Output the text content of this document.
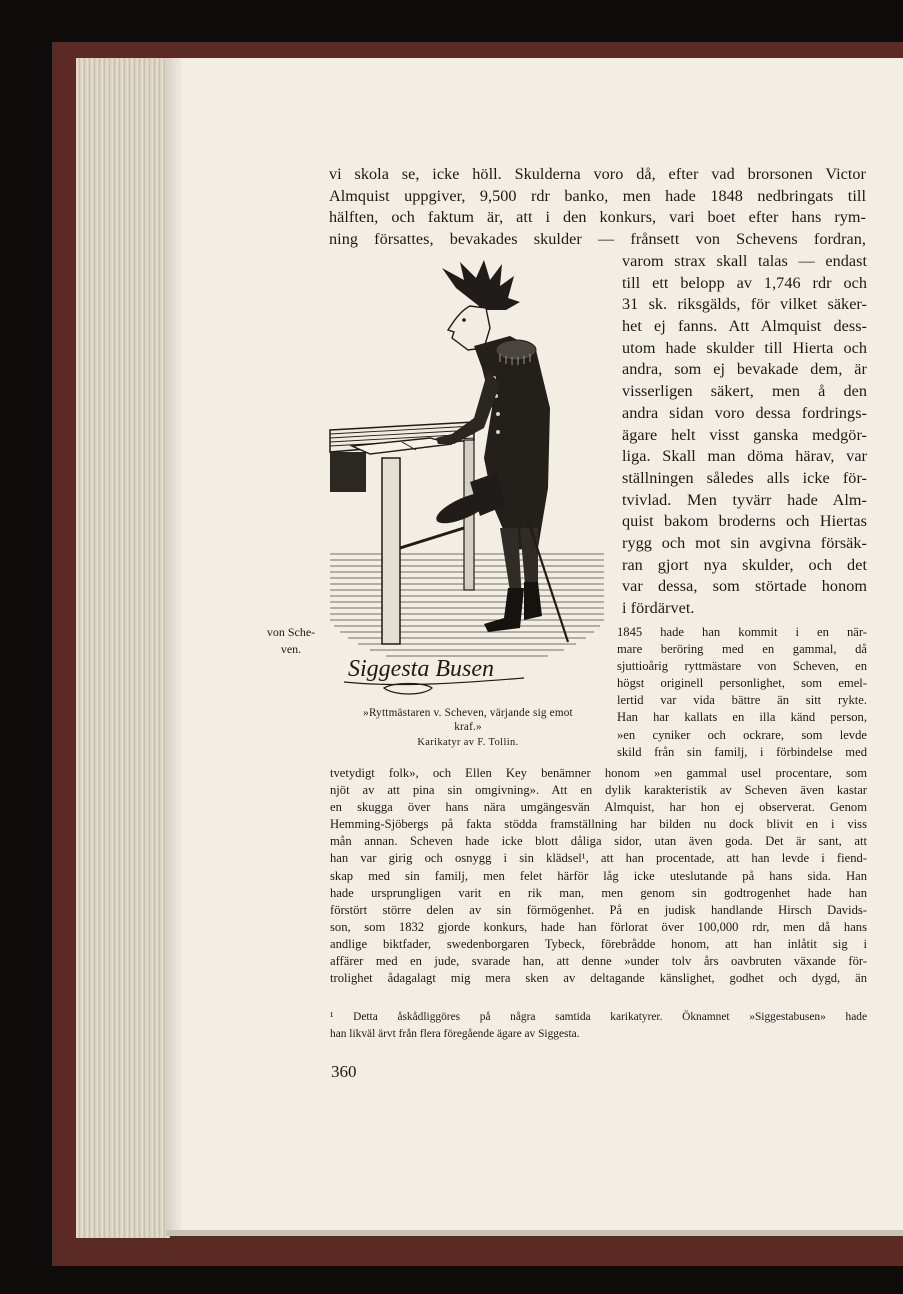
vi skola se, icke höll. Skulderna voro då, efter vad brorsonen Victor
Almquist uppgiver, 9,500 rdr banko, men hade 1848 nedbringats till
hälften, och faktum är, att i den konkurs, vari boet efter hans rym-
ning försattes, bevakades skulder — frånsett von Schevens fordran,
varom strax skall talas — endast
till ett belopp av 1,746 rdr och
31 sk. riksgälds, för vilket säker-
het ej fanns. Att Almquist dess-
utom hade skulder till Hierta och
andra, som ej bevakade dem, är
visserligen säkert, men å den
andra sidan voro dessa fordrings-
ägare helt visst ganska medgör-
liga. Skall man döma härav, var
ställningen således alls icke för-
tvivlad. Men tyvärr hade Alm-
quist bakom broderns och Hiertas
rygg och mot sin avgivna försäk-
ran gjort nya skulder, och det
var dessa, som störtade honom
i fördärvet.
von Sche-
ven.
Siggesta Busen
»Ryttmästaren v. Scheven, värjande sig emot
kraf.»
Karikatyr av F. Tollin.
1845 hade han kommit i en när-
mare beröring med en gammal, då
sjuttioårig ryttmästare von Scheven, en
högst originell personlighet, som emel-
lertid var vida bättre än sitt rykte.
Han har kallats en illa känd person,
»en cyniker och ockrare, som levde
skild från sin familj, i förbindelse med
tvetydigt folk», och Ellen Key benämner honom »en gammal usel procentare, som
njöt av att pina sin omgivning». Att en dylik karakteristik av Scheven även kastar
en skugga över hans nära umgängesvän Almquist, har hon ej observerat. Genom
Hemming-Sjöbergs på fakta stödda framställning har bilden nu dock blivit en i viss
mån annan. Scheven hade icke blott dåliga sidor, utan även goda. Det är sant, att
han var girig och osnygg i sin klädsel¹, att han procentade, att han levde i fiend-
skap med sin familj, men felet härför låg icke uteslutande på hans sida. Han
hade ursprungligen varit en rik man, men genom sin godtrogenhet hade han
förstört större delen av sin förmögenhet. På en judisk handlande Hirsch Davids-
son, som 1832 gjorde konkurs, hade han förlorat över 100,000 rdr, men då hans
andlige biktfader, swedenborgaren Tybeck, förebrådde honom, att han inlåtit sig i
affärer med en jude, svarade han, att denne »under tolv års oavbruten växande för-
trolighet ådagalagt mig mera sken av deltagande känslighet, godhet och dygd, än
¹ Detta åskådliggöres på några samtida karikatyrer. Öknamnet »Siggestabusen» hade
han likväl ärvt från flera föregående ägare av Siggesta.
360
